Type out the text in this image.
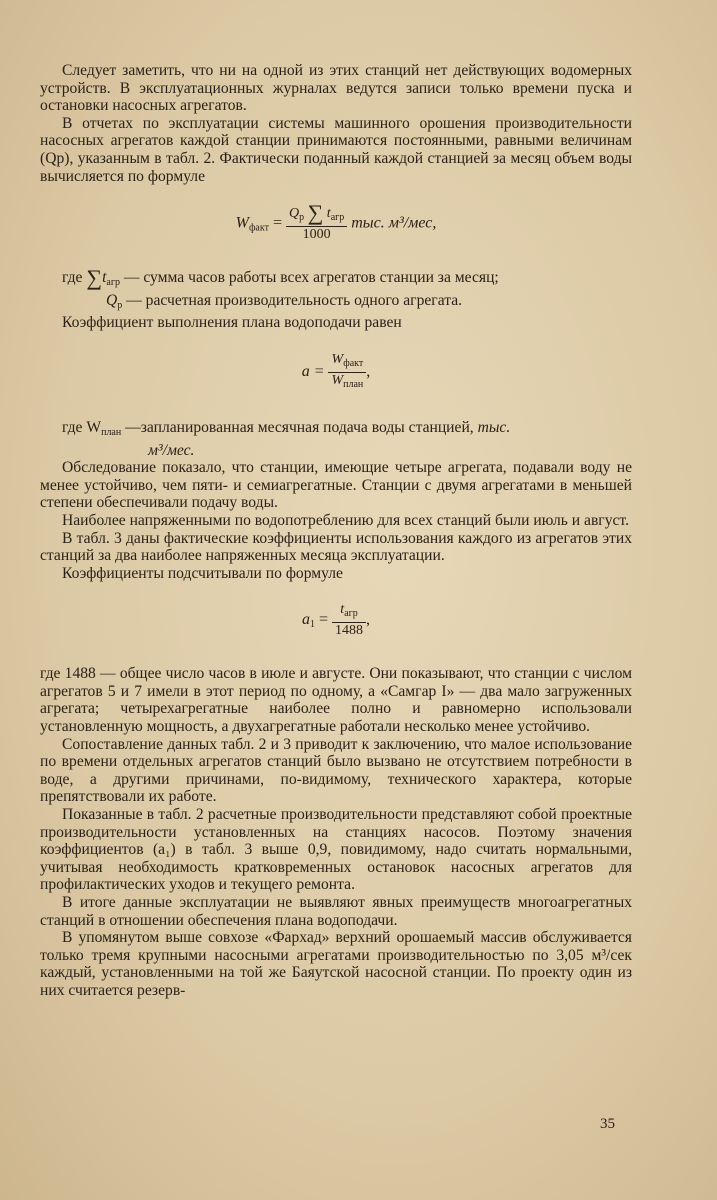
Следует заметить, что ни на одной из этих станций нет действующих водомерных устройств. В эксплуатационных журналах ведутся записи только времени пуска и остановки насосных агрегатов.

В отчетах по эксплуатации системы машинного орошения производительности насосных агрегатов каждой станции принимаются постоянными, равными величинам (Qр), указанным в табл. 2. Фактически поданный каждой станцией за месяц объем воды вычисляется по формуле

$W_{факт} = \frac{Q_р \sum t_{агр}}{1000}$ тыс. м³/мес,

где $\sum t_{агр}$ — сумма часов работы всех агрегатов станции за месяц;

$Q_р$ — расчетная производительность одного агрегата.

Коэффициент выполнения плана водоподачи равен

$a = \frac{W_{факт}}{W_{план}}$ ,

где $W_{план}$ —запланированная месячная подача воды станцией, тыс.

м³/мес.

Обследование показало, что станции, имеющие четыре агрегата, подавали воду не менее устойчиво, чем пяти- и семиагрегатные. Станции с двумя агрегатами в меньшей степени обеспечивали подачу воды.

Наиболее напряженными по водопотреблению для всех станций были июль и август.

В табл. 3 даны фактические коэффициенты использования каждого из агрегатов этих станций за два наиболее напряженных месяца эксплуатации.

Коэффициенты подсчитывали по формуле

$a_1 = \frac{t_{агр}}{1488}$ ,

где 1488 — общее число часов в июле и августе. Они показывают, что станции с числом агрегатов 5 и 7 имели в этот период по одному, а «Самгар I» — два мало загруженных агрегата; четырехагрегатные наиболее полно и равномерно использовали установленную мощность, а двухагрегатные работали несколько менее устойчиво.

Сопоставление данных табл. 2 и 3 приводит к заключению, что малое использование по времени отдельных агрегатов станций было вызвано не отсутствием потребности в воде, а другими причинами, по-видимому, технического характера, которые препятствовали их работе.

Показанные в табл. 2 расчетные производительности представляют собой проектные производительности установленных на станциях насосов. Поэтому значения коэффициентов (a₁) в табл. 3 выше 0,9, повидимому, надо считать нормальными, учитывая необходимость кратковременных остановок насосных агрегатов для профилактических уходов и текущего ремонта.

В итоге данные эксплуатации не выявляют явных преимуществ многоагрегатных станций в отношении обеспечения плана водоподачи.

В упомянутом выше совхозе «Фархад» верхний орошаемый массив обслуживается только тремя крупными насосными агрегатами производительностью по 3,05 м³/сек каждый, установленными на той же Баяутской насосной станции. По проекту один из них считается резерв-

35
